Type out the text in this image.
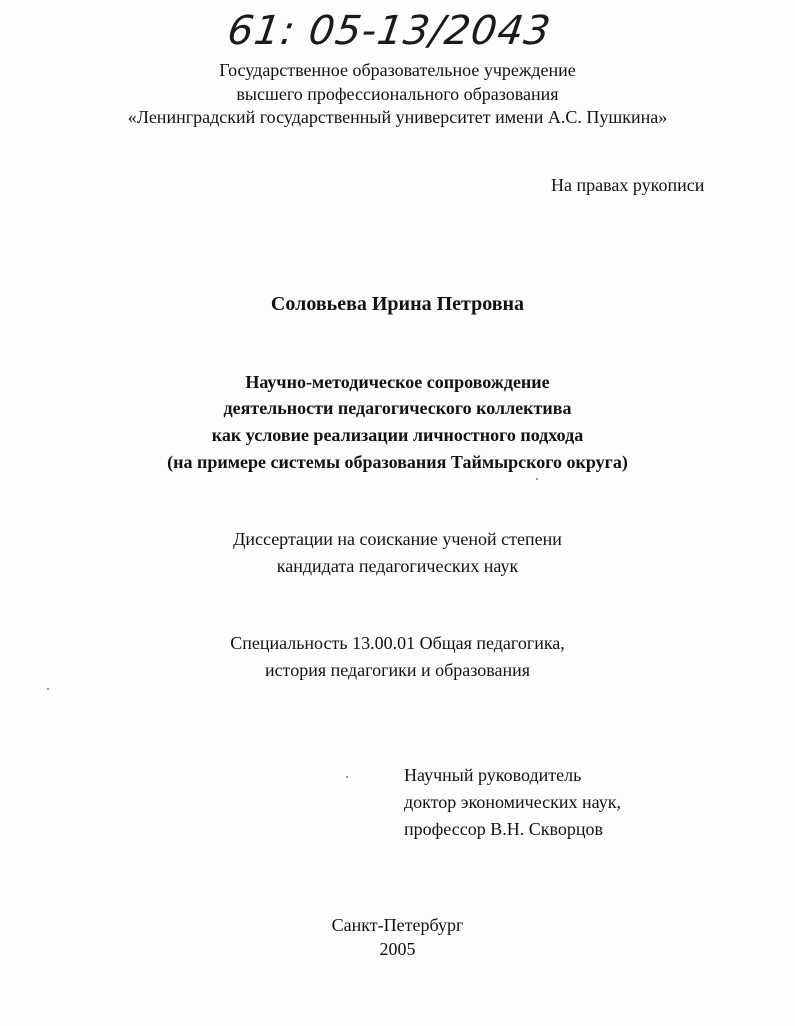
61: 05-13/2043
Государственное образовательное учреждение
высшего профессионального образования
«Ленинградский государственный университет имени А.С. Пушкина»
На правах рукописи
Соловьева Ирина Петровна
Научно-методическое сопровождение
деятельности педагогического коллектива
как условие реализации личностного подхода
(на примере системы образования Таймырского округа)
Диссертации на соискание ученой степени
кандидата педагогических наук
Специальность 13.00.01 Общая педагогика,
история педагогики и образования
Научный руководитель
доктор экономических наук,
профессор В.Н. Скворцов
Санкт-Петербург
2005
